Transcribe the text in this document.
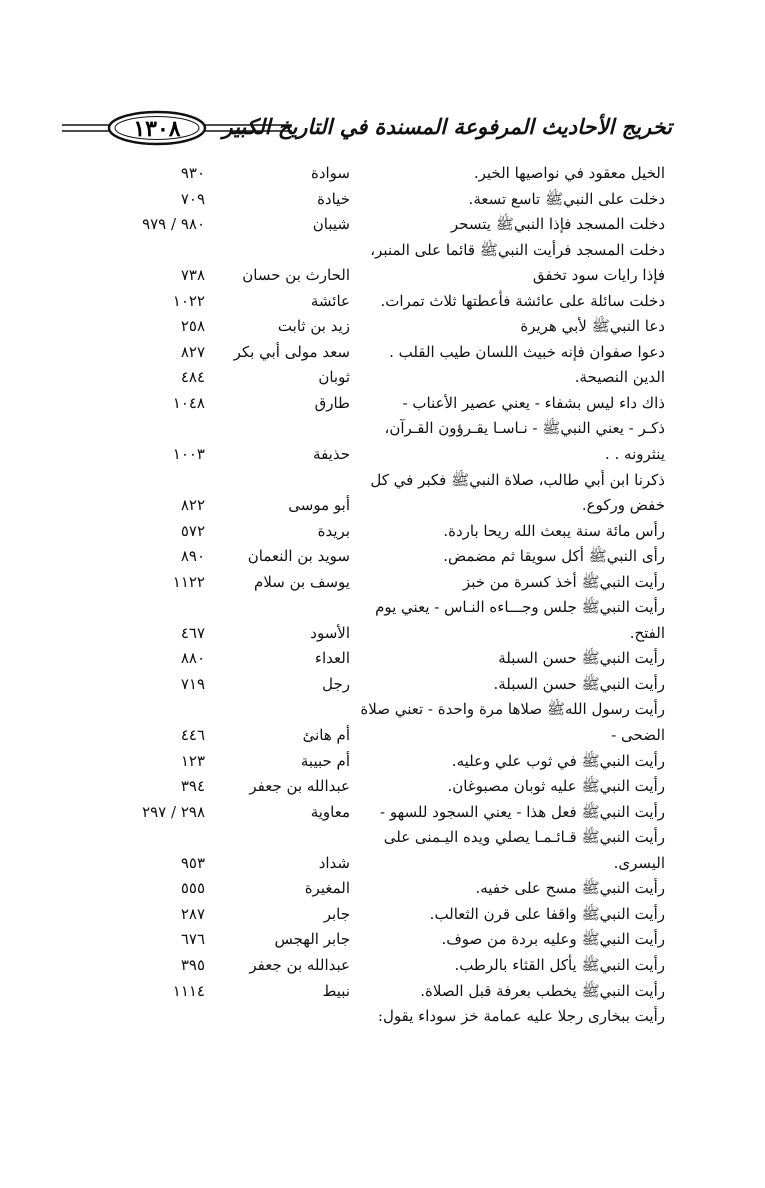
١٣٠٨ تخريج الأحاديث المرفوعة المسندة في التاريخ الكبير
الخيل معقود في نواصيها الخير.
سوادة
٩٣٠
دخلت على النبيﷺ تاسع تسعة.
خيادة
٧٠٩
دخلت المسجد فإذا النبيﷺ يتسحر
شيبان
٩٨٠ / ٩٧٩
دخلت المسجد فرأيت النبيﷺ قائما على المنبر،
فإذا رايات سود تخفق
الحارث بن حسان
٧٣٨
دخلت سائلة على عائشة فأعطتها ثلاث تمرات.
عائشة
١٠٢٢
دعا النبيﷺ لأبي هريرة
زيد بن ثابت
٢٥٨
دعوا صفوان فإنه خبيث اللسان طيب القلب .
سعد مولى أبي بكر
٨٢٧
الدين النصيحة.
ثوبان
٤٨٤
ذاك داء ليس بشفاء - يعني عصير الأعناب -
طارق
١٠٤٨
ذكـر - يعني النبيﷺ - نـاسـا يقـرؤون القـرآن،
ينثرونه . .
حذيفة
١٠٠٣
ذكرنا ابن أبي طالب، صلاة النبيﷺ فكبر في كل
خفض وركوع.
أبو موسى
٨٢٢
رأس مائة سنة يبعث الله ريحا باردة.
بريدة
٥٧٢
رأى النبيﷺ أكل سويقا ثم مضمض.
سويد بن النعمان
٨٩٠
رأيت النبيﷺ أخذ كسرة من خبز
يوسف بن سلام
١١٢٢
رأيت النبيﷺ جلس وجـــاءه النـاس - يعني يوم
الفتح.
الأسود
٤٦٧
رأيت النبيﷺ حسن السبلة
العداء
٨٨٠
رأيت النبيﷺ حسن السبلة.
رجل
٧١٩
رأيت رسول اللهﷺ صلاها مرة واحدة - تعني صلاة
الضحى -
أم هانئ
٤٤٦
رأيت النبيﷺ في ثوب علي وعليه.
أم حبيبة
١٢٣
رأيت النبيﷺ عليه ثوبان مصبوغان.
عبدالله بن جعفر
٣٩٤
رأيت النبيﷺ فعل هذا - يعني السجود للسهو -
معاوية
٢٩٨ / ٢٩٧
رأيت النبيﷺ قـائـمـا يصلي ويده اليـمنى على
اليسرى.
شداد
٩٥٣
رأيت النبيﷺ مسح على خفيه.
المغيرة
٥٥٥
رأيت النبيﷺ واقفا على قرن الثعالب.
جابر
٢٨٧
رأيت النبيﷺ وعليه بردة من صوف.
جابر الهجس
٦٧٦
رأيت النبيﷺ يأكل القثاء بالرطب.
عبدالله بن جعفر
٣٩٥
رأيت النبيﷺ يخطب بعرفة قبل الصلاة.
نبيط
١١١٤
رأيت ببخارى رجلا عليه عمامة خز سوداء يقول:
